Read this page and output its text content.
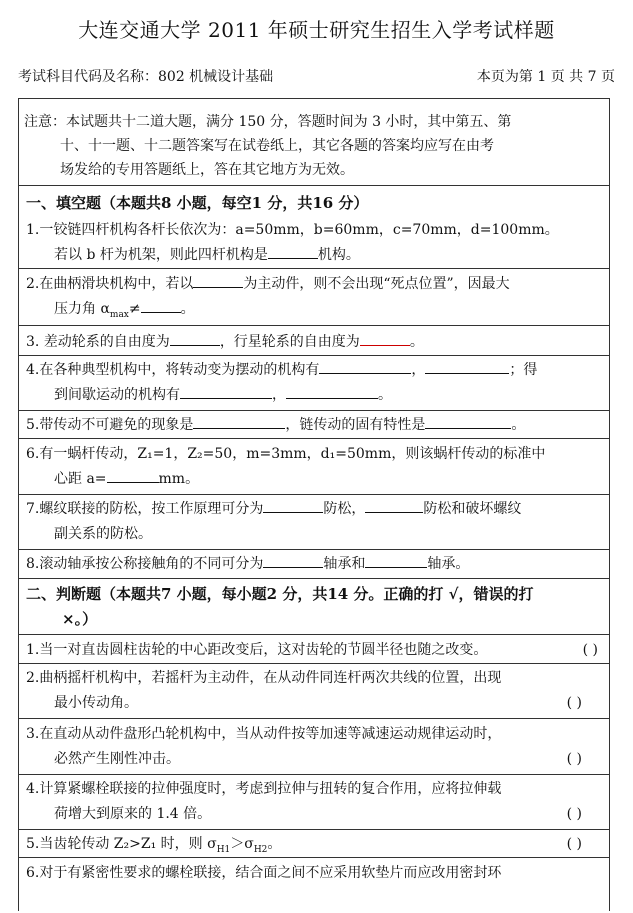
大连交通大学 2011 年硕士研究生招生入学考试样题
考试科目代码及名称：802 机械设计基础	本页为第 1 页 共 7 页
注意：本试题共十二道大题，满分 150 分，答题时间为 3 小时，其中第五、第
十、十一题、十二题答案写在试卷纸上，其它各题的答案均应写在由考
场发给的专用答题纸上，答在其它地方为无效。
一、填空题（本题共8 小题，每空1 分，共16 分）
1.一铰链四杆机构各杆长依次为：a=50mm，b=60mm，c=70mm，d=100mm。
若以 b 杆为机架，则此四杆机构是	机构。
2.在曲柄滑块机构中，若以	为主动件，则不会出现“死点位置”，因最大
压力角 $\alpha_{max}\ne$	。
3. 差动轮系的自由度为	，行星轮系的自由度为	。
4.在各种典型机构中，将转动变为摆动的机构有	，	；得
到间歇运动的机构有	，	。
5.带传动不可避免的现象是	，链传动的固有特性是	。
6.有一蜗杆传动，Z₁=1，Z₂=50，m=3mm，d₁=50mm，则该蜗杆传动的标准中
心距 a=	mm。
7.螺纹联接的防松，按工作原理可分为	防松，	防松和破坏螺纹
副关系的防松。
8.滚动轴承按公称接触角的不同可分为	轴承和	轴承。
二、判断题（本题共7 小题，每小题2 分，共14 分。正确的打 √，错误的打
×。）
1.当一对直齿圆柱齿轮的中心距改变后，这对齿轮的节圆半径也随之改变。	( )
2.曲柄摇杆机构中，若摇杆为主动件，在从动件同连杆两次共线的位置，出现
最小传动角。	( )
3.在直动从动件盘形凸轮机构中，当从动件按等加速等减速运动规律运动时，
必然产生刚性冲击。	( )
4.计算紧螺栓联接的拉伸强度时，考虑到拉伸与扭转的复合作用，应将拉伸载
荷增大到原来的 1.4 倍。	( )
5.当齿轮传动 Z₂>Z₁ 时，则 $\sigma_{H1}>\sigma_{H2}$。	( )
6.对于有紧密性要求的螺栓联接，结合面之间不应采用软垫片而应改用密封环
